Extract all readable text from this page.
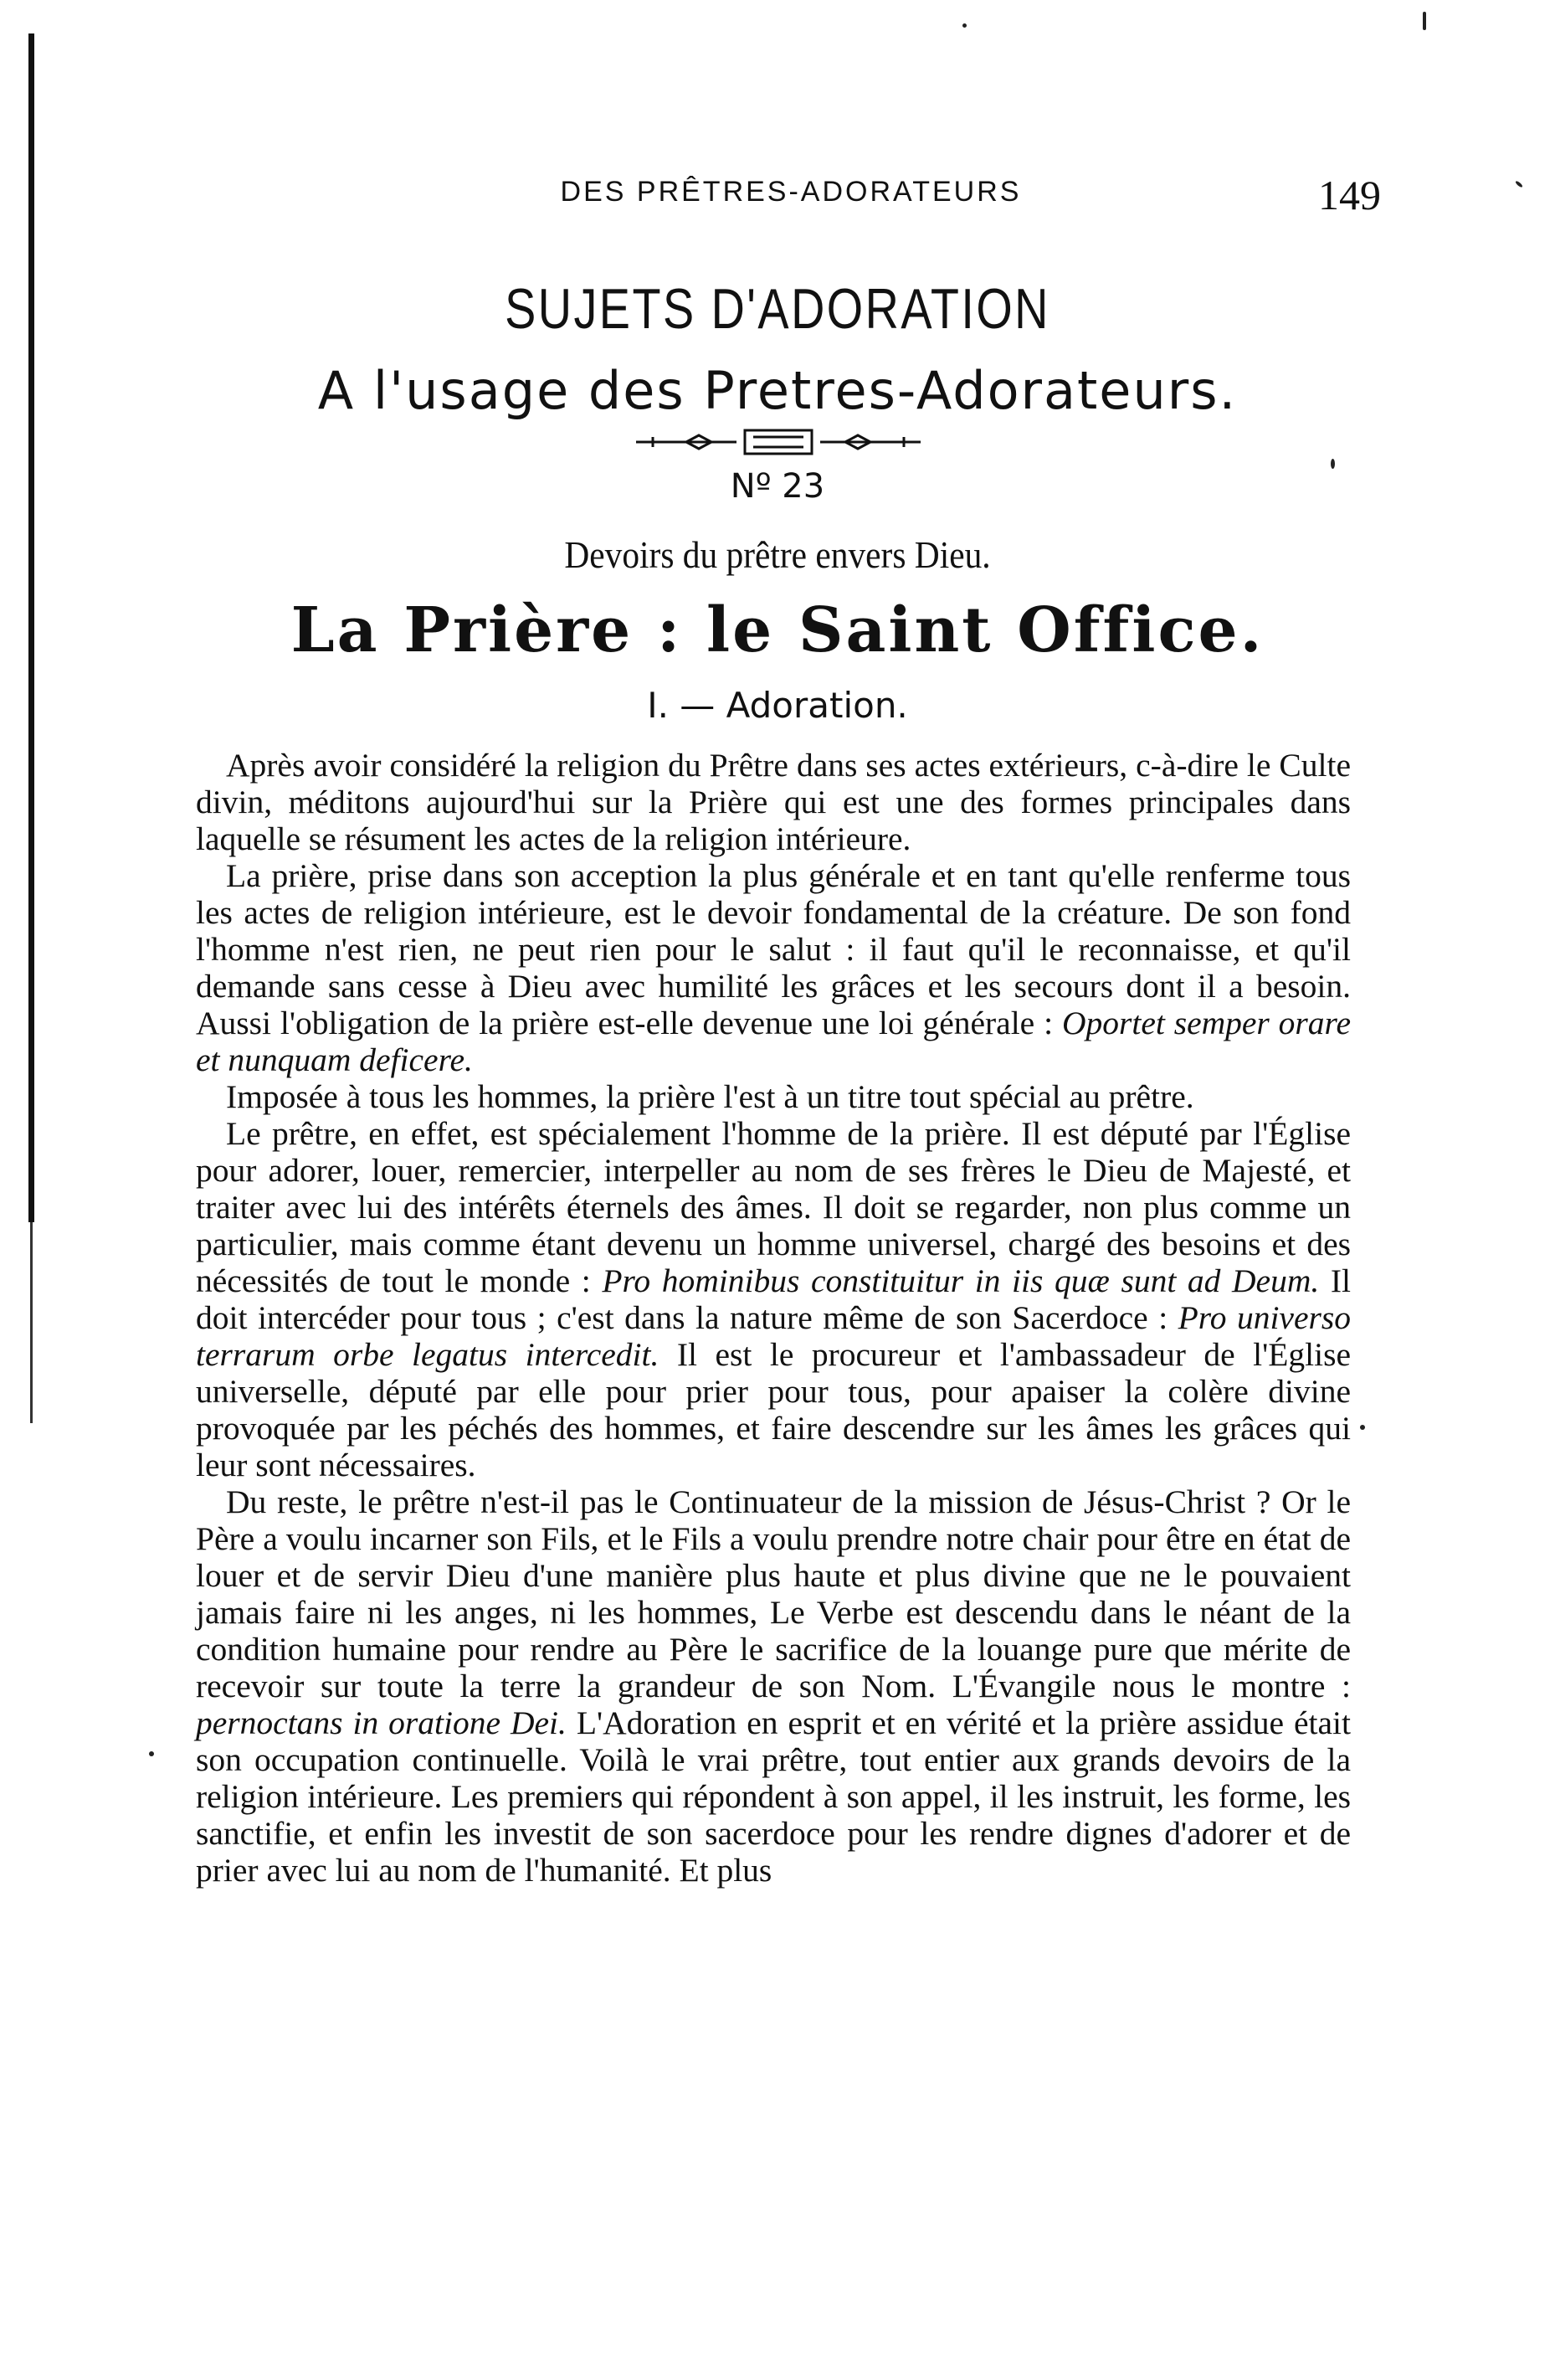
DES PRÊTRES-ADORATEURS	149
SUJETS D'ADORATION
A l'usage des Pretres-Adorateurs.
Nº 23
Devoirs du prêtre envers Dieu.
La Prière : le Saint Office.
I. — Adoration.

Après avoir considéré la religion du Prêtre dans ses actes extérieurs, c-à-dire le Culte divin, méditons aujourd'hui sur la Prière qui est une des formes principales dans laquelle se résument les actes de la religion intérieure.

La prière, prise dans son acception la plus générale et en tant qu'elle renferme tous les actes de religion intérieure, est le devoir fondamental de la créature. De son fond l'homme n'est rien, ne peut rien pour le salut : il faut qu'il le reconnaisse, et qu'il demande sans cesse à Dieu avec humilité les grâces et les secours dont il a besoin. Aussi l'obligation de la prière est-elle devenue une loi générale : Oportet semper orare et nunquam deficere.

Imposée à tous les hommes, la prière l'est à un titre tout spécial au prêtre.

Le prêtre, en effet, est spécialement l'homme de la prière. Il est député par l'Église pour adorer, louer, remercier, interpeller au nom de ses frères le Dieu de Majesté, et traiter avec lui des intérêts éternels des âmes. Il doit se regarder, non plus comme un particulier, mais comme étant devenu un homme universel, chargé des besoins et des nécessités de tout le monde : Pro hominibus constituitur in iis quæ sunt ad Deum. Il doit intercéder pour tous ; c'est dans la nature même de son Sacerdoce : Pro universo terrarum orbe legatus intercedit. Il est le procureur et l'ambassadeur de l'Église universelle, député par elle pour prier pour tous, pour apaiser la colère divine provoquée par les péchés des hommes, et faire descendre sur les âmes les grâces qui leur sont nécessaires.

Du reste, le prêtre n'est-il pas le Continuateur de la mission de Jésus-Christ ? Or le Père a voulu incarner son Fils, et le Fils a voulu prendre notre chair pour être en état de louer et de servir Dieu d'une manière plus haute et plus divine que ne le pouvaient jamais faire ni les anges, ni les hommes, Le Verbe est descendu dans le néant de la condition humaine pour rendre au Père le sacrifice de la louange pure que mérite de recevoir sur toute la terre la grandeur de son Nom. L'Évangile nous le montre : pernoctans in oratione Dei. L'Adoration en esprit et en vérité et la prière assidue était son occupation continuelle. Voilà le vrai prêtre, tout entier aux grands devoirs de la religion intérieure. Les premiers qui répondent à son appel, il les instruit, les forme, les sanctifie, et enfin les investit de son sacerdoce pour les rendre dignes d'adorer et de prier avec lui au nom de l'humanité. Et plus
